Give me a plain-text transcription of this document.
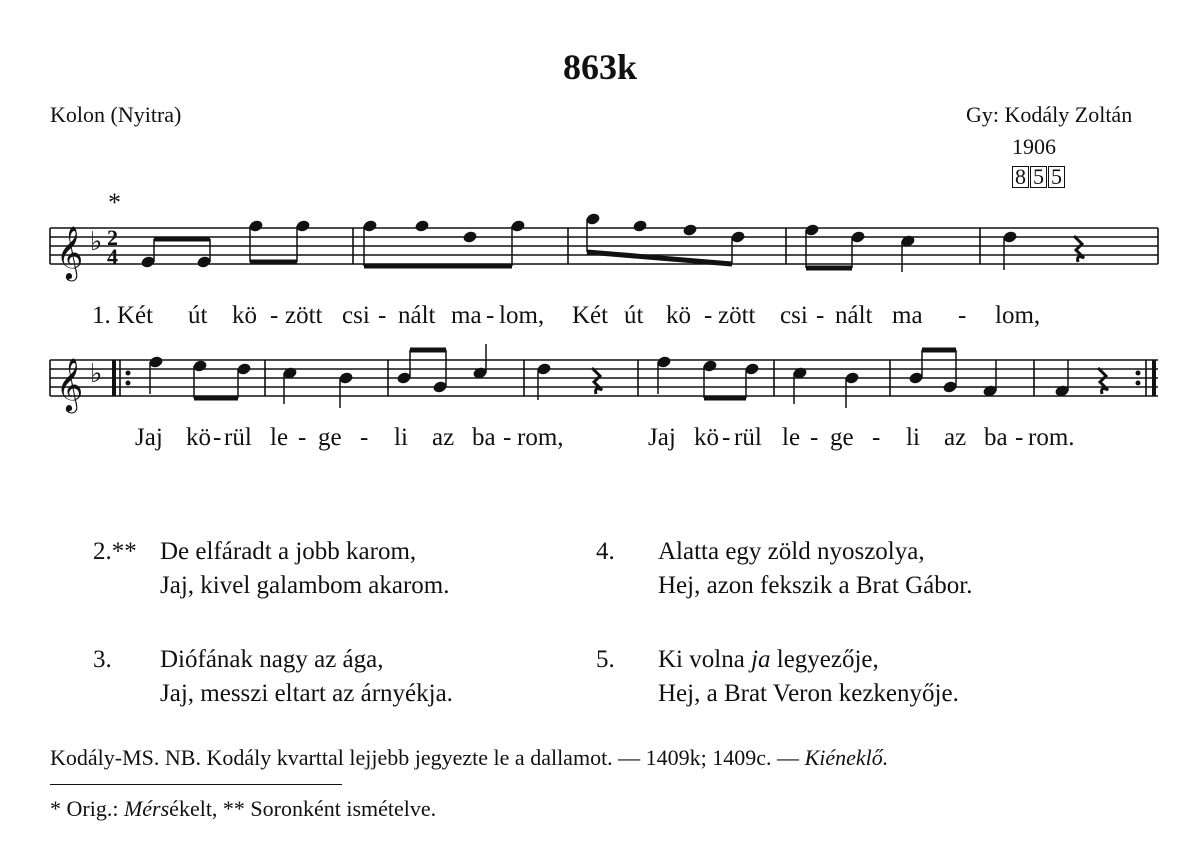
863k
Kolon (Nyitra)	Gy: Kodály Zoltán
1906
8 5 5
*
𝄞 ♭ 2
4
1. Két út kö - zött csi - nált ma - lom, Két út kö - zött csi - nált ma - lom,
𝄞 ♭
Jaj kö - rül le - ge - li az ba - rom,	Jaj kö - rül le - ge - li az ba - rom.
2.** De elfáradt a jobb karom,
Jaj, kivel galambom akarom.
3. Diófának nagy az ága,
Jaj, messzi eltart az árnyékja.
4. Alatta egy zöld nyoszolya,
Hej, azon fekszik a Brat Gábor.
5. Ki volna ja legyezője,
Hej, a Brat Veron kezkenyője.
Kodály-MS. NB. Kodály kvarttal lejjebb jegyezte le a dallamot. — 1409k; 1409c. — Kiéneklő.
* Orig.: Mérsékelt, ** Soronként ismételve.
